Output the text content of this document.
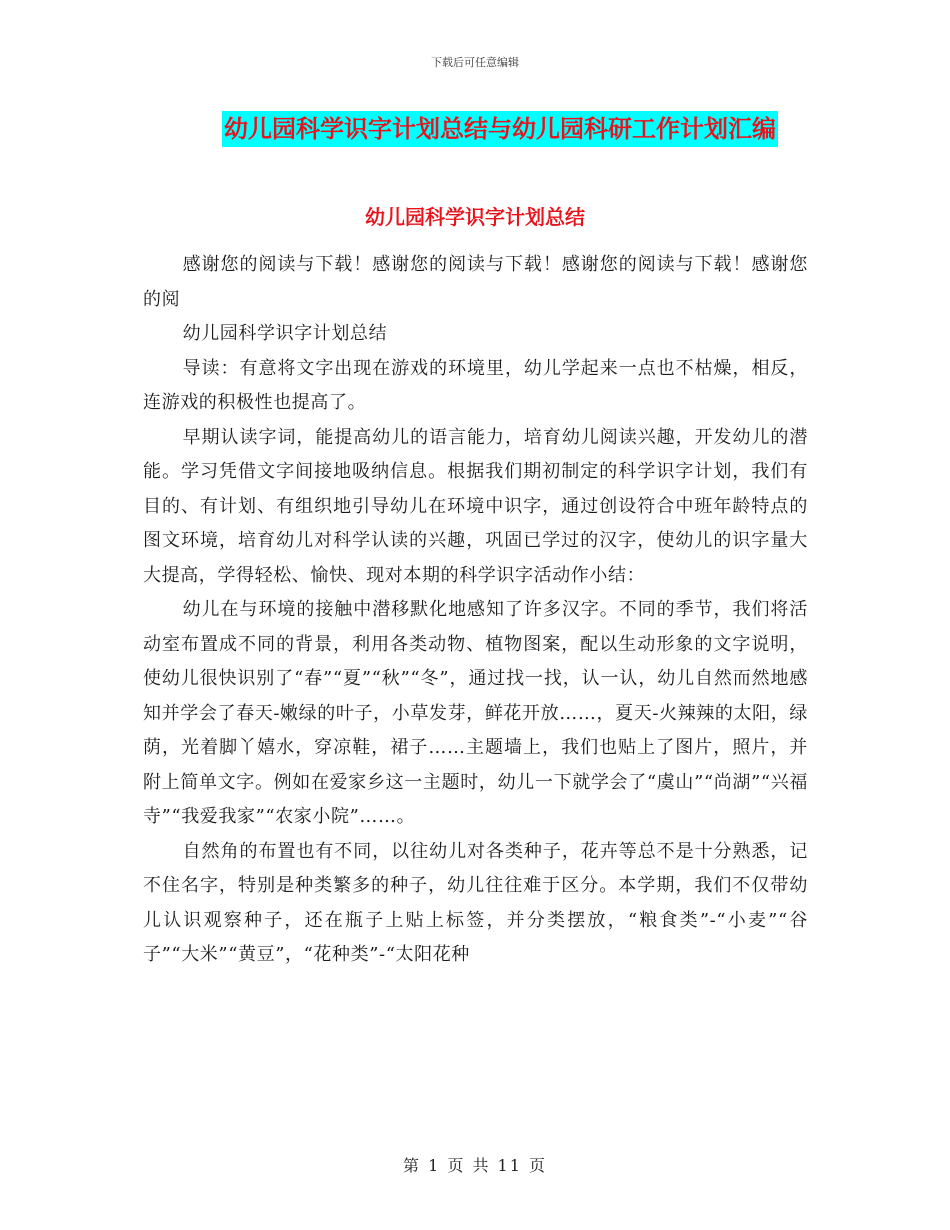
下载后可任意编辑
幼儿园科学识字计划总结与幼儿园科研工作计划汇编
幼儿园科学识字计划总结

感谢您的阅读与下载！感谢您的阅读与下载！感谢您的阅读与下载！感谢您的阅

幼儿园科学识字计划总结

导读：有意将文字出现在游戏的环境里，幼儿学起来一点也不枯燥，相反，连游戏的积极性也提高了。

早期认读字词，能提高幼儿的语言能力，培育幼儿阅读兴趣，开发幼儿的潜能。学习凭借文字间接地吸纳信息。根据我们期初制定的科学识字计划，我们有目的、有计划、有组织地引导幼儿在环境中识字，通过创设符合中班年龄特点的图文环境，培育幼儿对科学认读的兴趣，巩固已学过的汉字，使幼儿的识字量大大提高，学得轻松、愉快、现对本期的科学识字活动作小结：

幼儿在与环境的接触中潜移默化地感知了许多汉字。不同的季节，我们将活动室布置成不同的背景，利用各类动物、植物图案，配以生动形象的文字说明，使幼儿很快识别了“春”“夏”“秋”“冬”，通过找一找，认一认，幼儿自然而然地感知并学会了春天-嫩绿的叶子，小草发芽，鲜花开放……，夏天-火辣辣的太阳，绿荫，光着脚丫嬉水，穿凉鞋，裙子……主题墙上，我们也贴上了图片，照片，并附上简单文字。例如在爱家乡这一主题时，幼儿一下就学会了“虞山”“尚湖”“兴福寺”“我爱我家”“农家小院”……。

自然角的布置也有不同，以往幼儿对各类种子，花卉等总不是十分熟悉，记不住名字，特别是种类繁多的种子，幼儿往往难于区分。本学期，我们不仅带幼儿认识观察种子，还在瓶子上贴上标签，并分类摆放，“粮食类”-“小麦”“谷子”“大米”“黄豆”，“花种类”-“太阳花种

第 1 页 共 11 页
